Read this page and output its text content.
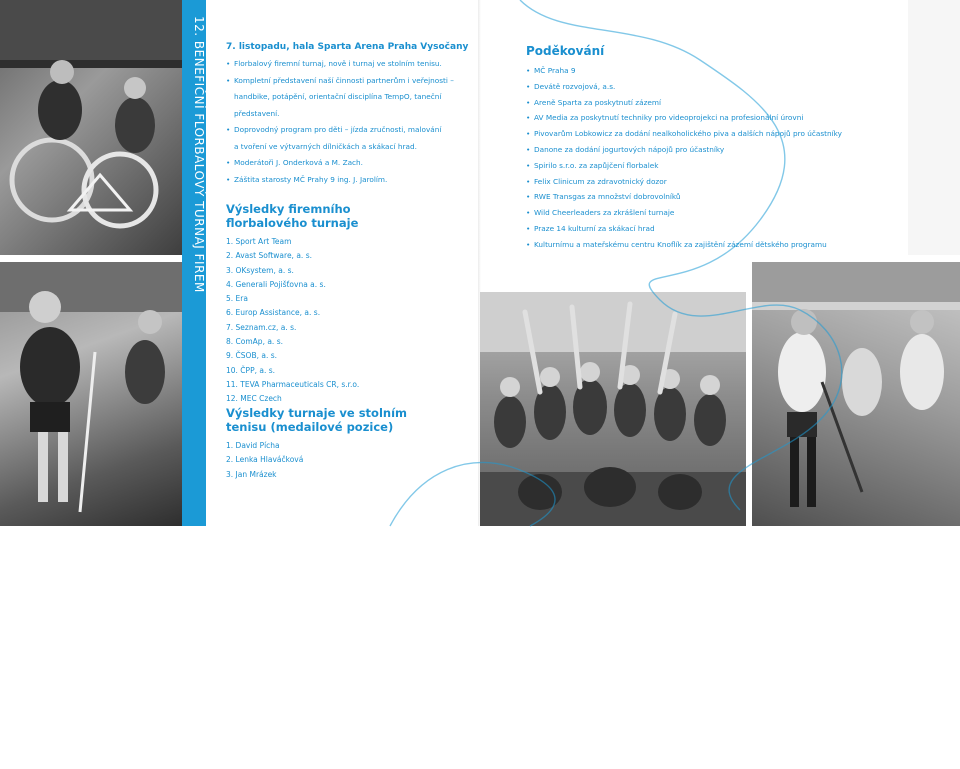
26
12. BENEFIČNÍ FLORBALOVÝ TURNAJ FIREM 7. listopadu, hala Sparta Arena Praha Vysočany
• Florbalový firemní turnaj, nově i turnaj ve stolním tenisu.
• Kompletní představení naší činnosti partnerům i veřejnosti –
handbike, potápění, orientační disciplína TempO, taneční
představení.
• Doprovodný program pro děti – jízda zručnosti, malování
a tvoření ve výtvarných dílničkách a skákací hrad.
• Moderátoři J. Onderková a M. Zach.
• Záštita starosty MČ Prahy 9 ing. J. Jarolím.
Výsledky firemního florbalového turnaje
1. Sport Art Team
2. Avast Software, a. s.
3. OKsystem, a. s.
4. Generali Pojišťovna a. s.
5. Era
6. Europ Assistance, a. s.
7. Seznam.cz, a. s.
8. ComAp, a. s.
9. ČSOB, a. s.
10. ČPP, a. s.
11. TEVA Pharmaceuticals CR, s.r.o.
12. MEC Czech
Výsledky turnaje ve stolním tenisu (medailové pozice)
1. David Pícha
2. Lenka Hlaváčková
3. Jan Mrázek
Poděkování
• MČ Praha 9
• Devátě rozvojová, a.s.
• Areně Sparta za poskytnutí zázemí
• AV Media za poskytnutí techniky pro videoprojekci na profesionální úrovni
• Pivovarům Lobkowicz za dodání nealkoholického piva a dalších nápojů pro účastníky
• Danone za dodání jogurtových nápojů pro účastníky
• Spirilo s.r.o. za zapůjčení florbalek
• Felix Clinicum za zdravotnický dozor
• RWE Transgas za množství dobrovolníků
• Wild Cheerleaders za zkrášlení turnaje
• Praze 14 kulturní za skákací hrad
• Kulturnímu a mateřskému centru Knoflík za zajištění zázemí dětského programu
